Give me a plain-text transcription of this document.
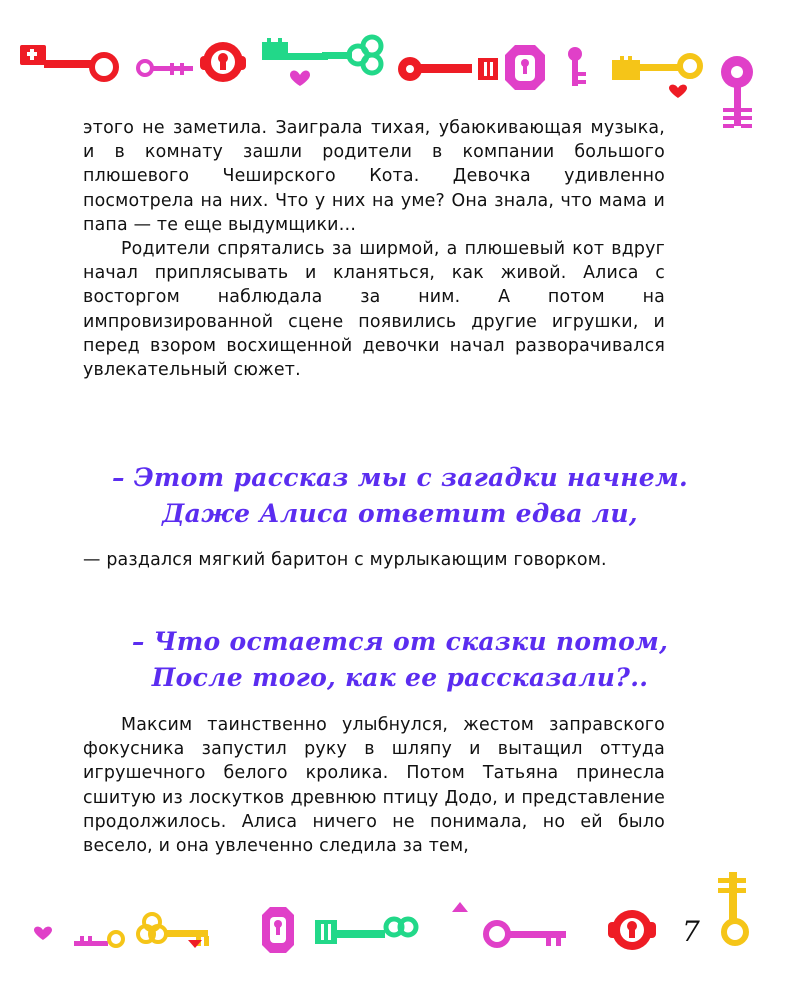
этого не заметила. Заиграла тихая, убаюкивающая музыка, и в комнату зашли родители в компании большого плюшевого Чеширского Кота. Девочка удивленно посмотрела на них. Что у них на уме? Она знала, что мама и папа — те еще выдумщики…

Родители спрятались за ширмой, а плюшевый кот вдруг начал приплясывать и кланяться, как живой. Алиса с восторгом наблюдала за ним. А потом на импровизированной сцене появились другие игрушки, и перед взором восхищенной девочки начал разворачивался увлекательный сюжет.

– Этот рассказ мы с загадки начнем.
Даже Алиса ответит едва ли,

— раздался мягкий баритон с мурлыкающим говорком.

– Что остается от сказки потом,
После того, как ее рассказали?..

Максим таинственно улыбнулся, жестом заправского фокусника запустил руку в шляпу и вытащил оттуда игрушечного белого кролика. Потом Татьяна принесла сшитую из лоскутков древнюю птицу Додо, и представление продолжилось. Алиса ничего не понимала, но ей было весело, и она увлеченно следила за тем,

7
